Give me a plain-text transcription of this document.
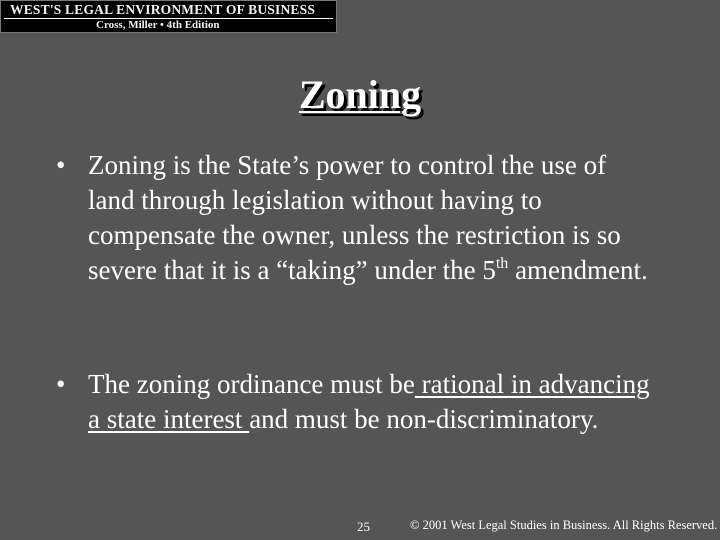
WEST'S LEGAL ENVIRONMENT OF BUSINESS
Cross, Miller • 4th Edition
Zoning
• Zoning is the State’s power to control the use of land through legislation without having to compensate the owner, unless the restriction is so severe that it is a “taking” under the 5th amendment.
• The zoning ordinance must be rational in advancing a state interest and must be non-discriminatory.
25	© 2001 West Legal Studies in Business. All Rights Reserved.
